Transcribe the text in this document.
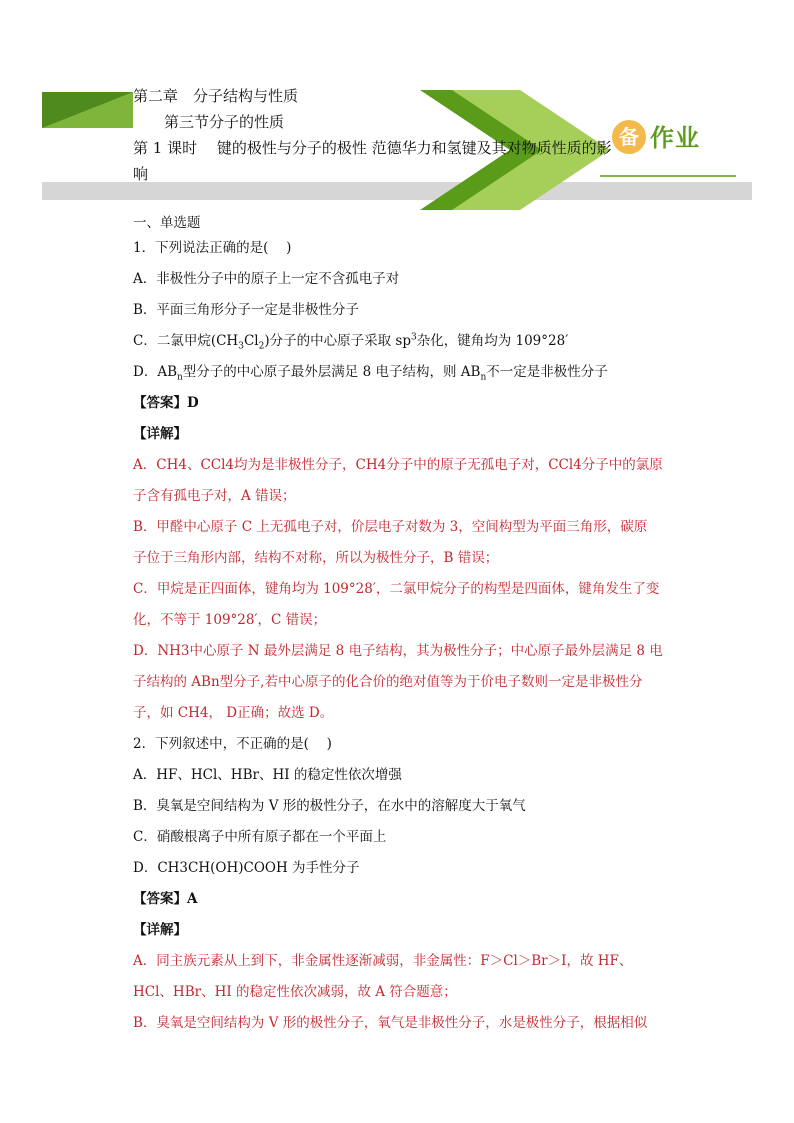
第二章　分子结构与性质
第三节分子的性质
第 1 课时　 键的极性与分子的极性 范德华力和氢键及其对物质性质的影
响
备 作业
一、单选题
1．下列说法正确的是(　 )
A．非极性分子中的原子上一定不含孤电子对
B．平面三角形分子一定是非极性分子
C．二氯甲烷$(CH_3Cl_2)$分子的中心原子采取 $sp^3$杂化，键角均为 109°28′
D．$AB_n$型分子的中心原子最外层满足 8 电子结构，则 $AB_n$不一定是非极性分子
【答案】D
【详解】
A．CH4、CCl4均为是非极性分子，CH4分子中的原子无孤电子对，CCl4分子中的氯原
子含有孤电子对，A 错误；
B．甲醛中心原子 C 上无孤电子对，价层电子对数为 3，空间构型为平面三角形，碳原
子位于三角形内部，结构不对称，所以为极性分子，B 错误；
C．甲烷是正四面体，键角均为 109°28′，二氯甲烷分子的构型是四面体，键角发生了变
化，不等于 109°28′，C 错误；
D．NH3中心原子 N 最外层满足 8 电子结构，其为极性分子；中心原子最外层满足 8 电
子结构的 ABn型分子,若中心原子的化合价的绝对值等为于价电子数则一定是非极性分
子，如 CH4， D正确；故选 D。
2．下列叙述中，不正确的是(　 )
A．HF、HCl、HBr、HI 的稳定性依次增强
B．臭氧是空间结构为 V 形的极性分子，在水中的溶解度大于氧气
C．硝酸根离子中所有原子都在一个平面上
D．CH3CH(OH)COOH 为手性分子
【答案】A
【详解】
A．同主族元素从上到下，非金属性逐渐减弱，非金属性：F＞Cl＞Br＞I，故 HF、
HCl、HBr、HI 的稳定性依次减弱，故 A 符合题意；
B．臭氧是空间结构为 V 形的极性分子，氧气是非极性分子，水是极性分子，根据相似
